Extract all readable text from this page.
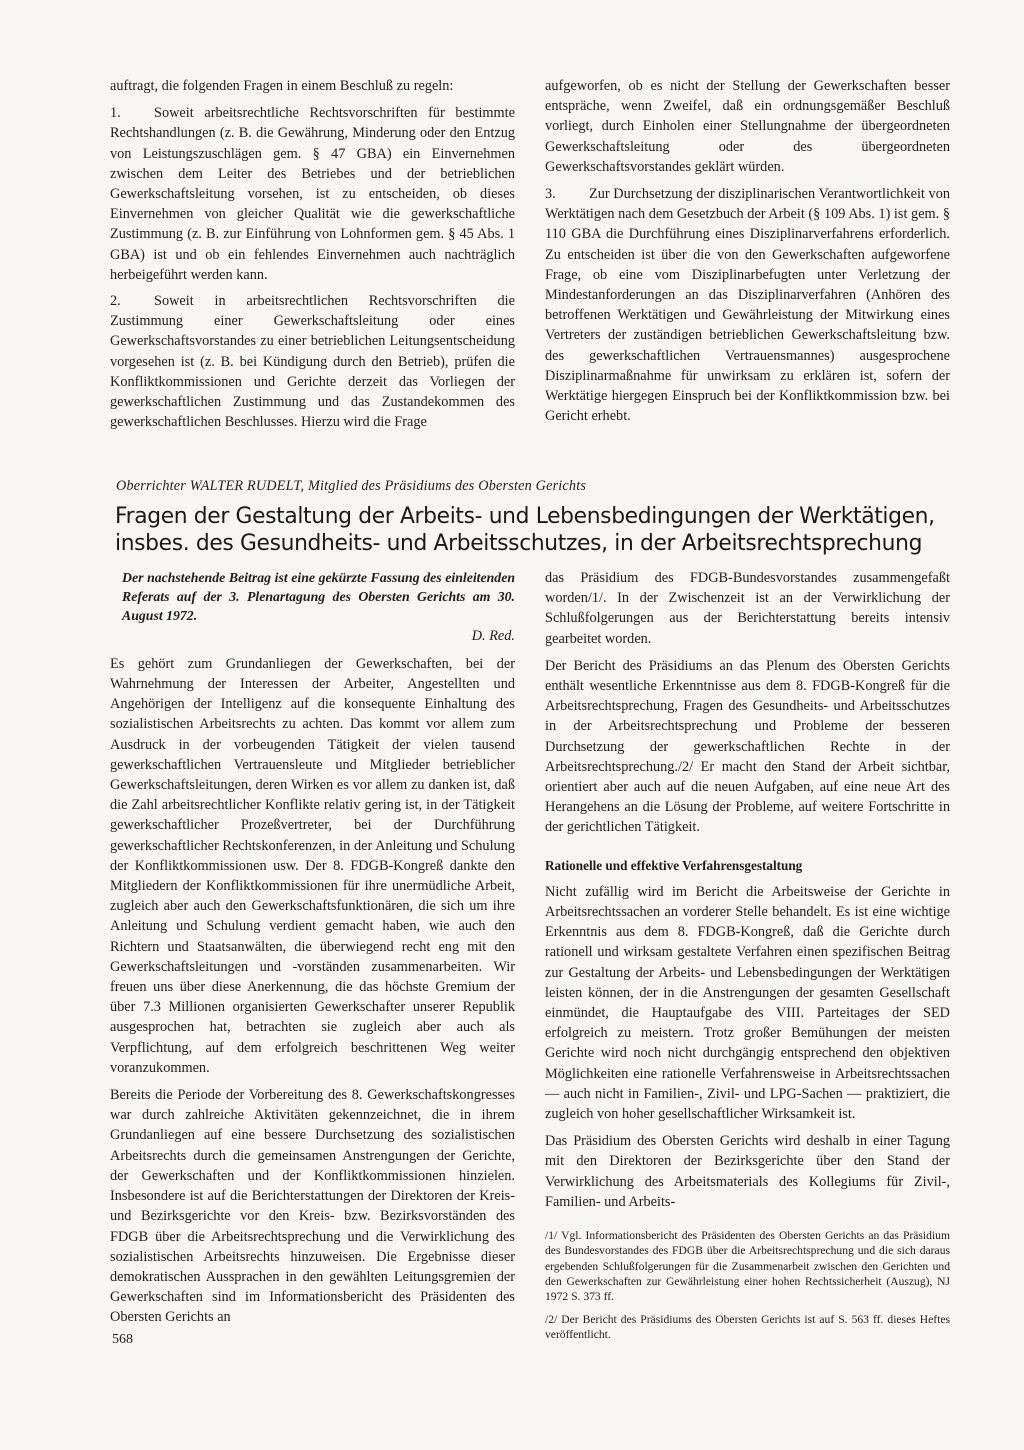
auftragt, die folgenden Fragen in einem Beschluß zu regeln:

1. Soweit arbeitsrechtliche Rechtsvorschriften für bestimmte Rechtshandlungen (z. B. die Gewährung, Minderung oder den Entzug von Leistungszuschlägen gem. § 47 GBA) ein Einvernehmen zwischen dem Leiter des Betriebes und der betrieblichen Gewerkschaftsleitung vorsehen, ist zu entscheiden, ob dieses Einvernehmen von gleicher Qualität wie die gewerkschaftliche Zustimmung (z. B. zur Einführung von Lohnformen gem. § 45 Abs. 1 GBA) ist und ob ein fehlendes Einvernehmen auch nachträglich herbeigeführt werden kann.

2. Soweit in arbeitsrechtlichen Rechtsvorschriften die Zustimmung einer Gewerkschaftsleitung oder eines Gewerkschaftsvorstandes zu einer betrieblichen Leitungsentscheidung vorgesehen ist (z. B. bei Kündigung durch den Betrieb), prüfen die Konfliktkommissionen und Gerichte derzeit das Vorliegen der gewerkschaftlichen Zustimmung und das Zustandekommen des gewerkschaftlichen Beschlusses. Hierzu wird die Frage

aufgeworfen, ob es nicht der Stellung der Gewerkschaften besser entspräche, wenn Zweifel, daß ein ordnungsgemäßer Beschluß vorliegt, durch Einholen einer Stellungnahme der übergeordneten Gewerkschaftsleitung oder des übergeordneten Gewerkschaftsvorstandes geklärt würden.

3. Zur Durchsetzung der disziplinarischen Verantwortlichkeit von Werktätigen nach dem Gesetzbuch der Arbeit (§ 109 Abs. 1) ist gem. § 110 GBA die Durchführung eines Disziplinarverfahrens erforderlich. Zu entscheiden ist über die von den Gewerkschaften aufgeworfene Frage, ob eine vom Disziplinarbefugten unter Verletzung der Mindestanforderungen an das Disziplinarverfahren (Anhören des betroffenen Werktätigen und Gewährleistung der Mitwirkung eines Vertreters der zuständigen betrieblichen Gewerkschaftsleitung bzw. des gewerkschaftlichen Vertrauensmannes) ausgesprochene Disziplinarmaßnahme für unwirksam zu erklären ist, sofern der Werktätige hiergegen Einspruch bei der Konfliktkommission bzw. bei Gericht erhebt.

Oberrichter WALTER RUDELT, Mitglied des Präsidiums des Obersten Gerichts
Fragen der Gestaltung der Arbeits- und Lebensbedingungen der Werktätigen,
insbes. des Gesundheits- und Arbeitsschutzes, in der Arbeitsrechtsprechung

Der nachstehende Beitrag ist eine gekürzte Fassung des einleitenden Referats auf der 3. Plenartagung des Obersten Gerichts am 30. August 1972.

D. Red.

Es gehört zum Grundanliegen der Gewerkschaften, bei der Wahrnehmung der Interessen der Arbeiter, Angestellten und Angehörigen der Intelligenz auf die konsequente Einhaltung des sozialistischen Arbeitsrechts zu achten. Das kommt vor allem zum Ausdruck in der vorbeugenden Tätigkeit der vielen tausend gewerkschaftlichen Vertrauensleute und Mitglieder betrieblicher Gewerkschaftsleitungen, deren Wirken es vor allem zu danken ist, daß die Zahl arbeitsrechtlicher Konflikte relativ gering ist, in der Tätigkeit gewerkschaftlicher Prozeßvertreter, bei der Durchführung gewerkschaftlicher Rechtskonferenzen, in der Anleitung und Schulung der Konfliktkommissionen usw. Der 8. FDGB-Kongreß dankte den Mitgliedern der Konfliktkommissionen für ihre unermüdliche Arbeit, zugleich aber auch den Gewerkschaftsfunktionären, die sich um ihre Anleitung und Schulung verdient gemacht haben, wie auch den Richtern und Staatsanwälten, die überwiegend recht eng mit den Gewerkschaftsleitungen und -vorständen zusammenarbeiten. Wir freuen uns über diese Anerkennung, die das höchste Gremium der über 7.3 Millionen organisierten Gewerkschafter unserer Republik ausgesprochen hat, betrachten sie zugleich aber auch als Verpflichtung, auf dem erfolgreich beschrittenen Weg weiter voranzukommen.

Bereits die Periode der Vorbereitung des 8. Gewerkschaftskongresses war durch zahlreiche Aktivitäten gekennzeichnet, die in ihrem Grundanliegen auf eine bessere Durchsetzung des sozialistischen Arbeitsrechts durch die gemeinsamen Anstrengungen der Gerichte, der Gewerkschaften und der Konfliktkommissionen hinzielen. Insbesondere ist auf die Berichterstattungen der Direktoren der Kreis- und Bezirksgerichte vor den Kreis- bzw. Bezirksvorständen des FDGB über die Arbeitsrechtsprechung und die Verwirklichung des sozialistischen Arbeitsrechts hinzuweisen. Die Ergebnisse dieser demokratischen Aussprachen in den gewählten Leitungsgremien der Gewerkschaften sind im Informationsbericht des Präsidenten des Obersten Gerichts an

das Präsidium des FDGB-Bundesvorstandes zusammengefaßt worden/1/. In der Zwischenzeit ist an der Verwirklichung der Schlußfolgerungen aus der Berichterstattung bereits intensiv gearbeitet worden.

Der Bericht des Präsidiums an das Plenum des Obersten Gerichts enthält wesentliche Erkenntnisse aus dem 8. FDGB-Kongreß für die Arbeitsrechtsprechung, Fragen des Gesundheits- und Arbeitsschutzes in der Arbeitsrechtsprechung und Probleme der besseren Durchsetzung der gewerkschaftlichen Rechte in der Arbeitsrechtsprechung./2/ Er macht den Stand der Arbeit sichtbar, orientiert aber auch auf die neuen Aufgaben, auf eine neue Art des Herangehens an die Lösung der Probleme, auf weitere Fortschritte in der gerichtlichen Tätigkeit.

Rationelle und effektive Verfahrensgestaltung

Nicht zufällig wird im Bericht die Arbeitsweise der Gerichte in Arbeitsrechtssachen an vorderer Stelle behandelt. Es ist eine wichtige Erkenntnis aus dem 8. FDGB-Kongreß, daß die Gerichte durch rationell und wirksam gestaltete Verfahren einen spezifischen Beitrag zur Gestaltung der Arbeits- und Lebensbedingungen der Werktätigen leisten können, der in die Anstrengungen der gesamten Gesellschaft einmündet, die Hauptaufgabe des VIII. Parteitages der SED erfolgreich zu meistern. Trotz großer Bemühungen der meisten Gerichte wird noch nicht durchgängig entsprechend den objektiven Möglichkeiten eine rationelle Verfahrensweise in Arbeitsrechtssachen — auch nicht in Familien-, Zivil- und LPG-Sachen — praktiziert, die zugleich von hoher gesellschaftlicher Wirksamkeit ist.

Das Präsidium des Obersten Gerichts wird deshalb in einer Tagung mit den Direktoren der Bezirksgerichte über den Stand der Verwirklichung des Arbeitsmaterials des Kollegiums für Zivil-, Familien- und Arbeits-

/1/ Vgl. Informationsbericht des Präsidenten des Obersten Gerichts an das Präsidium des Bundesvorstandes des FDGB über die Arbeitsrechtsprechung und die sich daraus ergebenden Schlußfolgerungen für die Zusammenarbeit zwischen den Gerichten und den Gewerkschaften zur Gewährleistung einer hohen Rechtssicherheit (Auszug), NJ 1972 S. 373 ff.

/2/ Der Bericht des Präsidiums des Obersten Gerichts ist auf S. 563 ff. dieses Heftes veröffentlicht.

568
